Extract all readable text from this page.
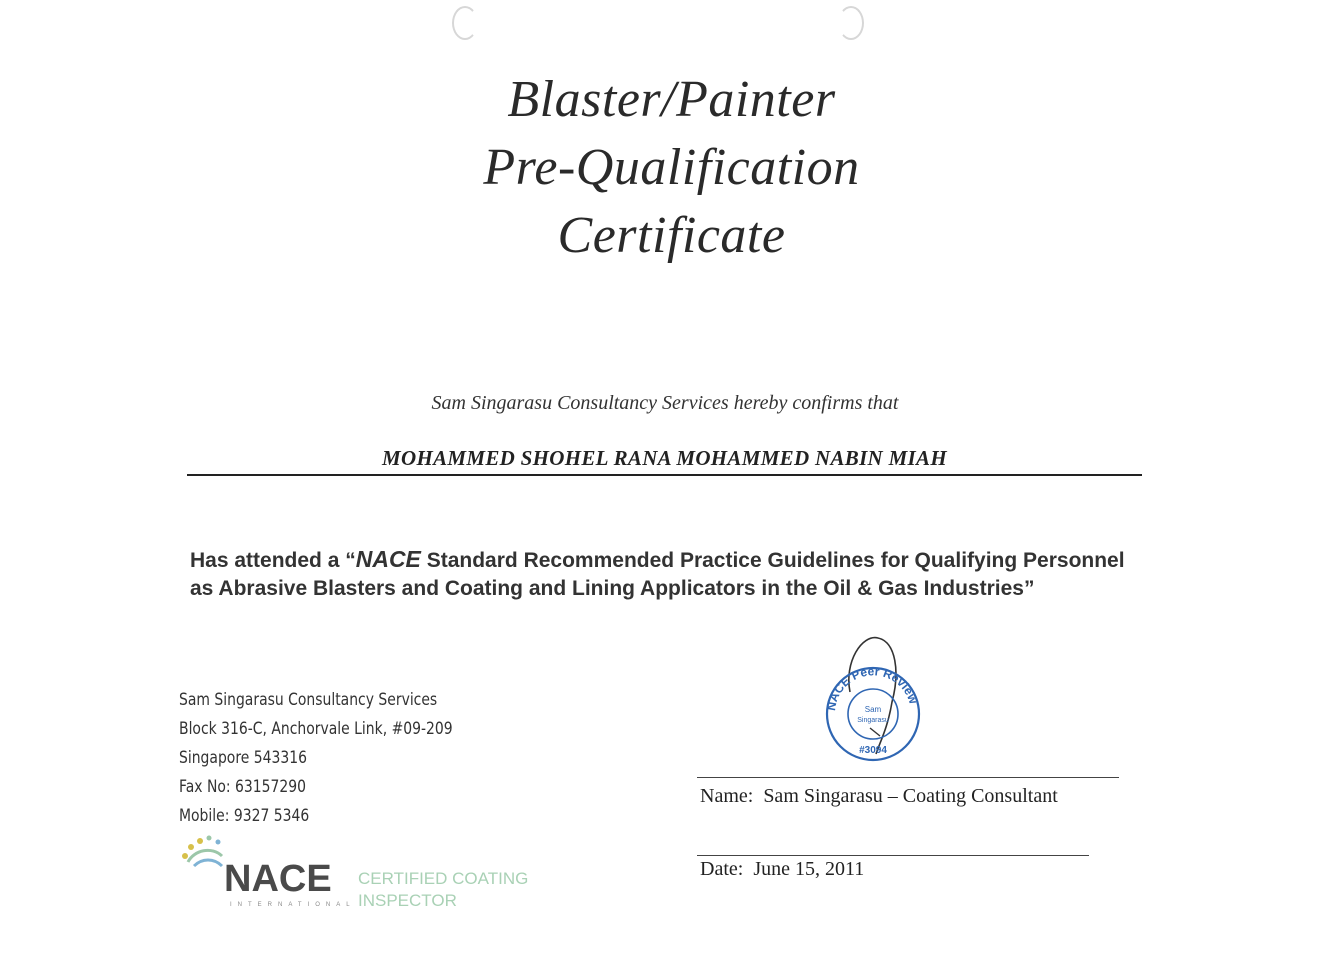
Blaster/Painter
Pre-Qualification
Certificate
Sam Singarasu Consultancy Services hereby confirms that
MOHAMMED SHOHEL RANA MOHAMMED NABIN MIAH
Has attended a “NACE Standard Recommended Practice Guidelines for Qualifying Personnel as Abrasive Blasters and Coating and Lining Applicators in the Oil & Gas Industries”
Sam Singarasu Consultancy Services
Block 316-C, Anchorvale Link, #09-209
Singapore 543316
Fax No: 63157290
Mobile: 9327 5346
NACE
INTERNATIONAL
CERTIFIED COATING
INSPECTOR
NACE Peer Review
Sam
Singarasu
#3094
Name: Sam Singarasu – Coating Consultant
Date: June 15, 2011
